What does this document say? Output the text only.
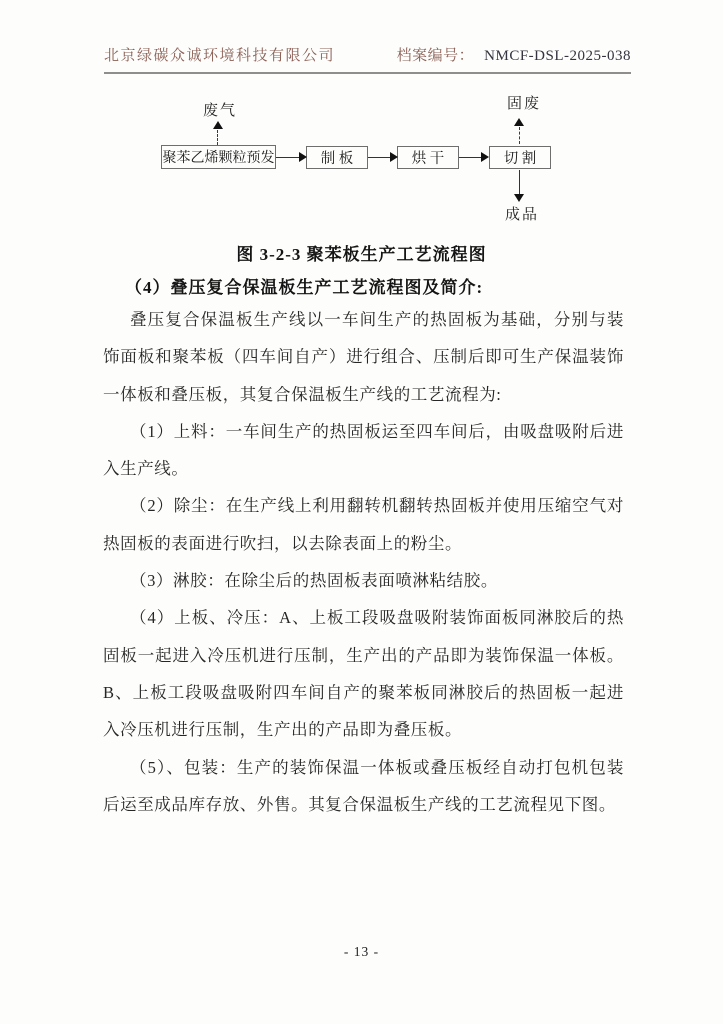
北京绿碳众诚环境科技有限公司	档案编号： NMCF-DSL-2025-038
废气	固废
成品
聚苯乙烯颗粒预发	制 板	烘 干	切 割
图 3-2-3 聚苯板生产工艺流程图
（4）叠压复合保温板生产工艺流程图及简介:

叠压复合保温板生产线以一车间生产的热固板为基础，分别与装饰面板和聚苯板（四车间自产）进行组合、压制后即可生产保温装饰一体板和叠压板，其复合保温板生产线的工艺流程为:

（1）上料：一车间生产的热固板运至四车间后，由吸盘吸附后进入生产线。

（2）除尘：在生产线上利用翻转机翻转热固板并使用压缩空气对热固板的表面进行吹扫，以去除表面上的粉尘。

（3）淋胶：在除尘后的热固板表面喷淋粘结胶。

（4）上板、冷压：A、上板工段吸盘吸附装饰面板同淋胶后的热固板一起进入冷压机进行压制，生产出的产品即为装饰保温一体板。B、上板工段吸盘吸附四车间自产的聚苯板同淋胶后的热固板一起进入冷压机进行压制，生产出的产品即为叠压板。

（5）、包装：生产的装饰保温一体板或叠压板经自动打包机包装后运至成品库存放、外售。其复合保温板生产线的工艺流程见下图。

- 13 -
